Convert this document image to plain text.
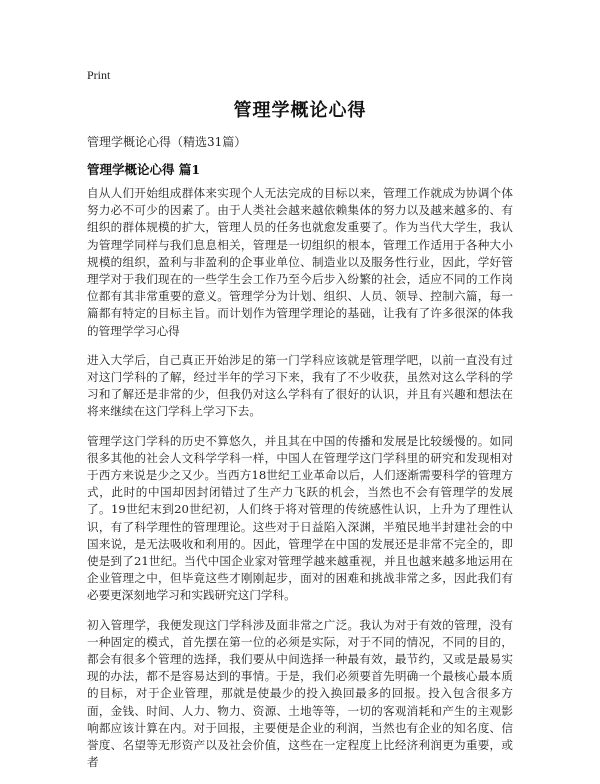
Print
管理学概论心得
管理学概论心得（精选31篇）
管理学概论心得 篇1

自从人们开始组成群体来实现个人无法完成的目标以来，管理工作就成为协调个体努力必不可少的因素了。由于人类社会越来越依赖集体的努力以及越来越多的、有组织的群体规模的扩大，管理人员的任务也就愈发重要了。作为当代大学生，我认为管理学同样与我们息息相关，管理是一切组织的根本，管理工作适用于各种大小规模的组织，盈利与非盈利的企事业单位、制造业以及服务性行业，因此，学好管理学对于我们现在的一些学生会工作乃至今后步入纷繁的社会，适应不同的工作岗位都有其非常重要的意义。管理学分为计划、组织、人员、领导、控制六篇，每一篇都有特定的目标主旨。而计划作为管理学理论的基础，让我有了许多很深的体我的管理学学习心得

进入大学后，自己真正开始涉足的第一门学科应该就是管理学吧，以前一直没有过对这门学科的了解，经过半年的学习下来，我有了不少收获，虽然对这么学科的学习和了解还是非常的少，但我仍对这么学科有了很好的认识，并且有兴趣和想法在将来继续在这门学科上学习下去。

管理学这门学科的历史不算悠久，并且其在中国的传播和发展是比较缓慢的。如同很多其他的社会人文科学学科一样，中国人在管理学这门学科里的研究和发现相对于西方来说是少之又少。当西方18世纪工业革命以后，人们逐渐需要科学的管理方式，此时的中国却因封闭错过了生产力飞跃的机会，当然也不会有管理学的发展了。19世纪末到20世纪初，人们终于将对管理的传统感性认识，上升为了理性认识，有了科学理性的管理理论。这些对于日益陷入深渊，半殖民地半封建社会的中国来说，是无法吸收和利用的。因此，管理学在中国的发展还是非常不完全的，即使是到了21世纪。当代中国企业家对管理学越来越重视，并且也越来越多地运用在企业管理之中，但毕竟这些才刚刚起步，面对的困难和挑战非常之多，因此我们有必要更深刻地学习和实践研究这门学科。

初入管理学，我便发现这门学科涉及面非常之广泛。我认为对于有效的管理，没有一种固定的模式，首先摆在第一位的必须是实际，对于不同的情况，不同的目的，都会有很多个管理的选择，我们要从中间选择一种最有效，最节约，又或是最易实现的办法，都不是容易达到的事情。于是，我们必须要首先明确一个最核心最本质的目标，对于企业管理，那就是使最少的投入换回最多的回报。投入包含很多方面，金钱、时间、人力、物力、资源、土地等等，一切的客观消耗和产生的主观影响都应该计算在内。对于回报，主要便是企业的利润，当然也有企业的知名度、信誉度、名望等无形资产以及社会价值，这些在一定程度上比经济利润更为重要，或者
